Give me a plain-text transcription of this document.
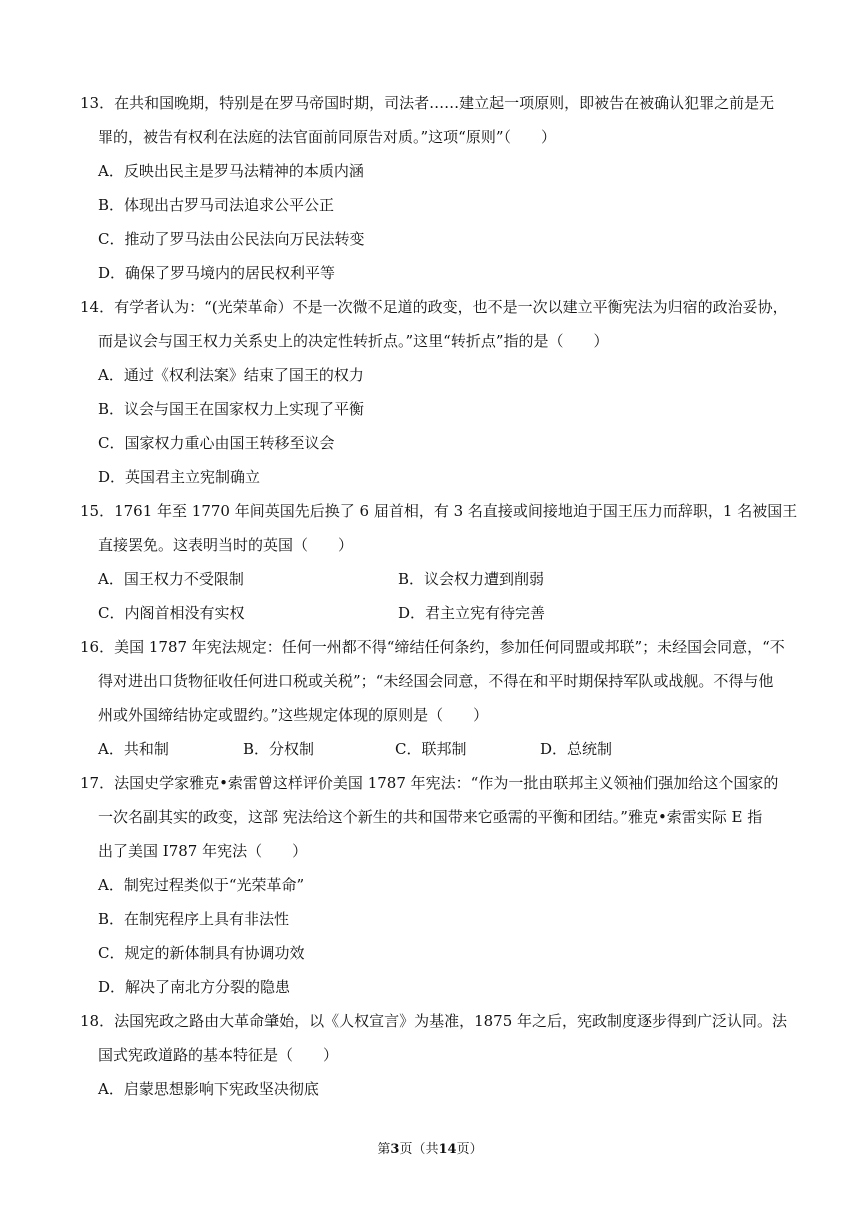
13．在共和国晚期，特别是在罗马帝国时期，司法者……建立起一项原则，即被告在被确认犯罪之前是无
罪的，被告有权利在法庭的法官面前同原告对质。”这项“原则”（　　）
A．反映出民主是罗马法精神的本质内涵
B．体现出古罗马司法追求公平公正
C．推动了罗马法由公民法向万民法转变
D．确保了罗马境内的居民权利平等
14．有学者认为：“(光荣革命）不是一次微不足道的政变，也不是一次以建立平衡宪法为归宿的政治妥协，
而是议会与国王权力关系史上的决定性转折点。”这里“转折点”指的是（　　）
A．通过《权利法案》结束了国王的权力
B．议会与国王在国家权力上实现了平衡
C．国家权力重心由国王转移至议会
D．英国君主立宪制确立
15．1761 年至 1770 年间英国先后换了 6 届首相，有 3 名直接或间接地迫于国王压力而辞职，1 名被国王
直接罢免。这表明当时的英国（　　）
A．国王权力不受限制	B．议会权力遭到削弱
C．内阁首相没有实权	D．君主立宪有待完善
16．美国 1787 年宪法规定：任何一州都不得“缔结任何条约，参加任何同盟或邦联”；未经国会同意，“不
得对进出口货物征收任何进口税或关税”；“未经国会同意，不得在和平时期保持军队或战舰。不得与他
州或外国缔结协定或盟约。”这些规定体现的原则是（　　）
A．共和制	B．分权制	C．联邦制	D．总统制
17．法国史学家雅克•索雷曾这样评价美国 1787 年宪法：“作为一批由联邦主义领袖们强加给这个国家的
一次名副其实的政变，这部 宪法给这个新生的共和国带来它亟需的平衡和团结。”雅克•索雷实际 E 指
出了美国 I787 年宪法（　　）
A．制宪过程类似于“光荣革命”
B．在制宪程序上具有非法性
C．规定的新体制具有协调功效
D．解决了南北方分裂的隐患
18．法国宪政之路由大革命肇始，以《人权宣言》为基准，1875 年之后，宪政制度逐步得到广泛认同。法
国式宪政道路的基本特征是（　　）
A．启蒙思想影响下宪政坚决彻底
第3页（共14页）
